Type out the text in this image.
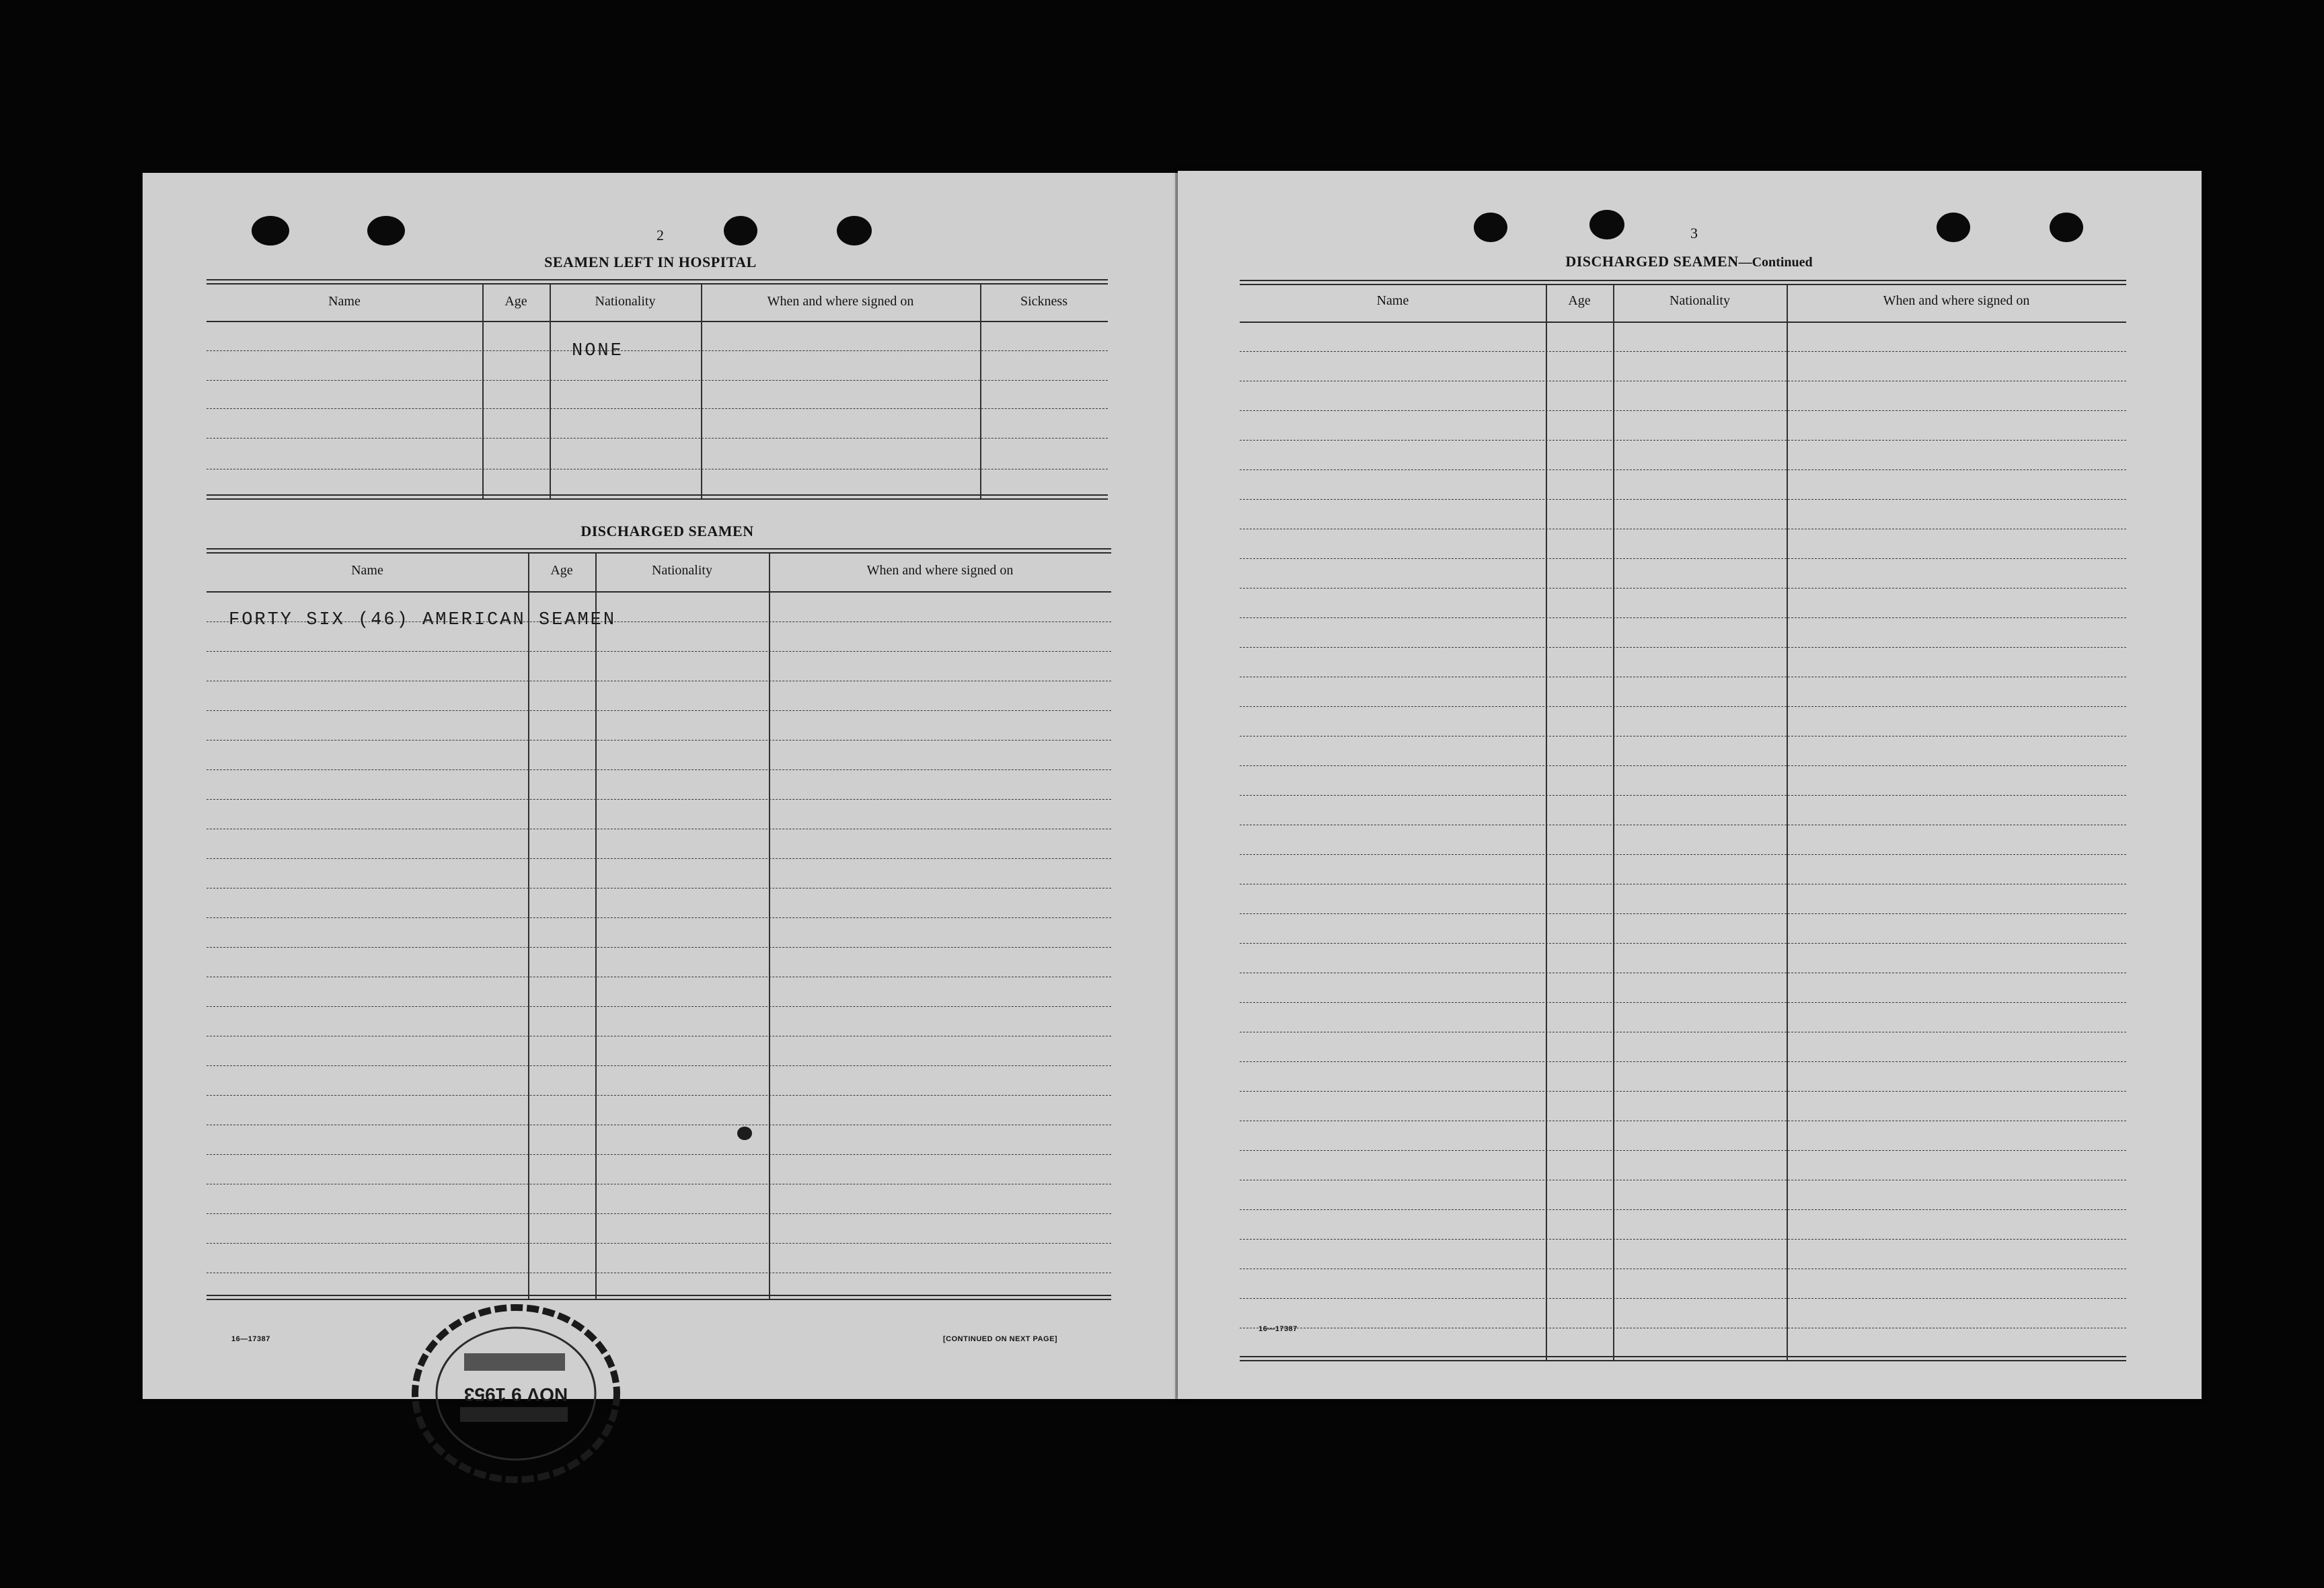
2
SEAMEN LEFT IN HOSPITAL
Name	Age	Nationality	When and where signed on	Sickness
NONE
DISCHARGED SEAMEN
Name	Age	Nationality	When and where signed on
FORTY SIX (46) AMERICAN SEAMEN
NOV 9 1953
16—17387	[CONTINUED ON NEXT PAGE]
3
DISCHARGED SEAMEN—Continued
Name	Age	Nationality	When and where signed on
16—17387
